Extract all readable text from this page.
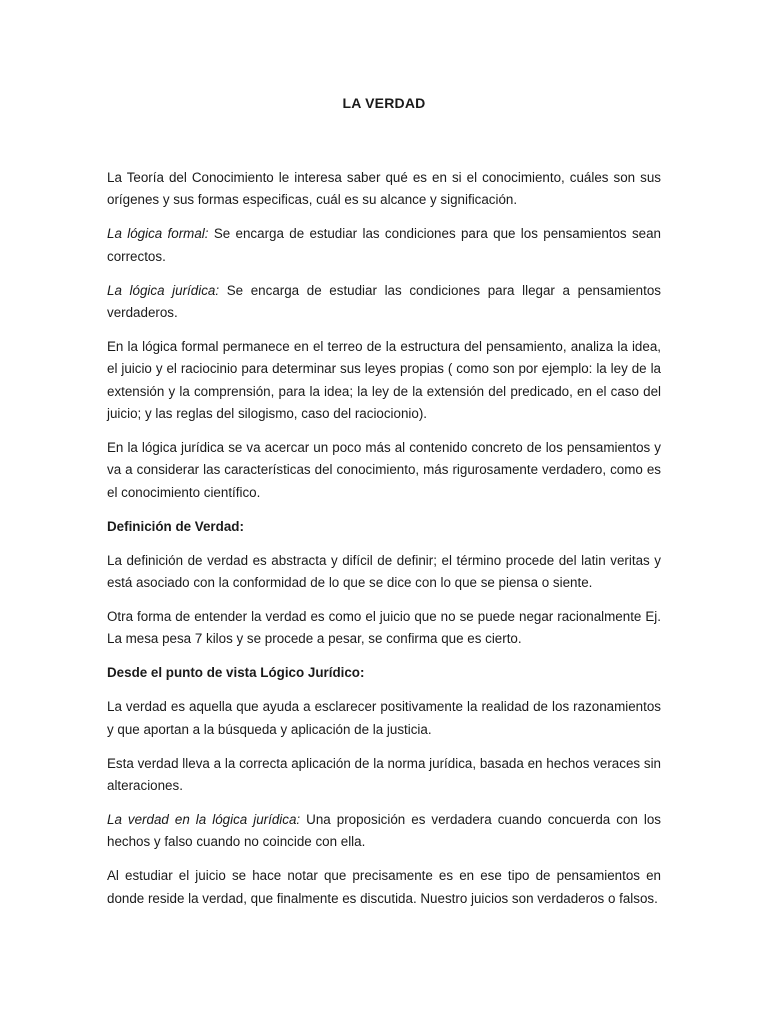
LA VERDAD

La Teoría del Conocimiento le interesa saber qué es en si el conocimiento, cuáles son sus orígenes y sus formas especificas, cuál es su alcance y significación.

La lógica formal: Se encarga de estudiar las condiciones para que los pensamientos sean correctos.

La lógica jurídica: Se encarga de estudiar las condiciones para llegar a pensamientos verdaderos.

En la lógica formal permanece en el terreo de la estructura del pensamiento, analiza la idea, el juicio y el raciocinio para determinar sus leyes propias ( como son por ejemplo: la ley de la extensión y la comprensión, para la idea; la ley de la extensión del predicado, en el caso del juicio; y las reglas del silogismo, caso del raciocionio).

En la lógica jurídica se va acercar un poco más al contenido concreto de los pensamientos y va a considerar las características del conocimiento, más rigurosamente verdadero, como es el conocimiento científico.

Definición de Verdad:

La definición de verdad es abstracta y difícil de definir; el término procede del latin veritas y está asociado con la conformidad de lo que se dice con lo que se piensa o siente.

Otra forma de entender la verdad es como el juicio que no se puede negar racionalmente Ej. La mesa pesa 7 kilos y se procede a pesar, se confirma que es cierto.

Desde el punto de vista Lógico Jurídico:

La verdad es aquella que ayuda a esclarecer positivamente la realidad de los razonamientos y que aportan a la búsqueda y aplicación de la justicia.

Esta verdad lleva a la correcta aplicación de la norma jurídica, basada en hechos veraces sin alteraciones.

La verdad en la lógica jurídica: Una proposición es verdadera cuando concuerda con los hechos y falso cuando no coincide con ella.

Al estudiar el juicio se hace notar que precisamente es en ese tipo de pensamientos en donde reside la verdad, que finalmente es discutida. Nuestro juicios son verdaderos o falsos.
